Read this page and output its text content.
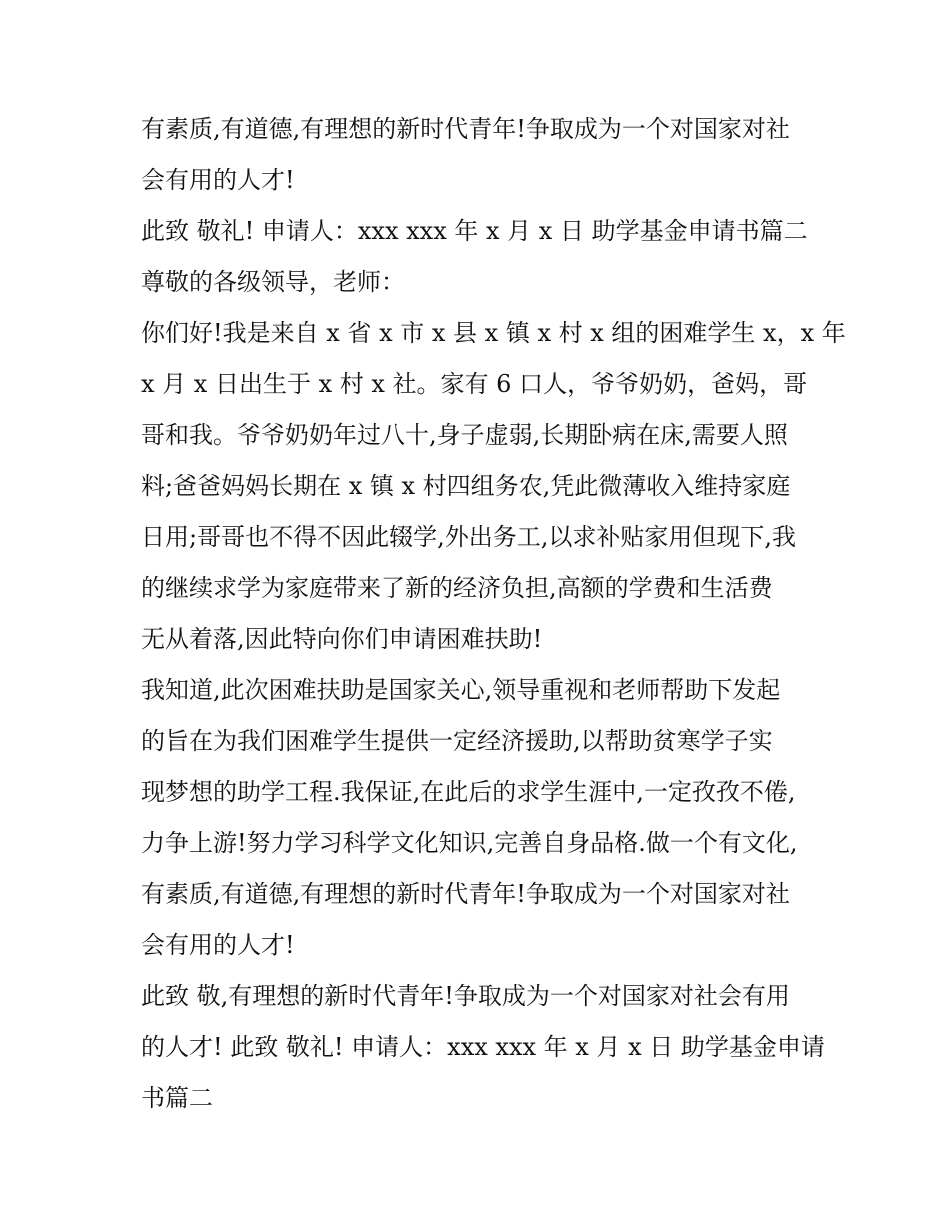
有素质,有道德,有理想的新时代青年!争取成为一个对国家对社
会有用的人才!
此致 敬礼! 申请人：xxx xxx 年 x 月 x 日 助学基金申请书篇二
尊敬的各级领导，老师：
你们好!我是来自 x 省 x 市 x 县 x 镇 x 村 x 组的困难学生 x，x 年
x 月 x 日出生于 x 村 x 社。家有 6 口人，爷爷奶奶，爸妈，哥
哥和我。爷爷奶奶年过八十,身子虚弱,长期卧病在床,需要人照
料;爸爸妈妈长期在 x 镇 x 村四组务农,凭此微薄收入维持家庭
日用;哥哥也不得不因此辍学,外出务工,以求补贴家用但现下,我
的继续求学为家庭带来了新的经济负担,高额的学费和生活费
无从着落,因此特向你们申请困难扶助!
我知道,此次困难扶助是国家关心,领导重视和老师帮助下发起
的旨在为我们困难学生提供一定经济援助,以帮助贫寒学子实
现梦想的助学工程.我保证,在此后的求学生涯中,一定孜孜不倦,
力争上游!努力学习科学文化知识,完善自身品格.做一个有文化,
有素质,有道德,有理想的新时代青年!争取成为一个对国家对社
会有用的人才!
此致 敬,有理想的新时代青年!争取成为一个对国家对社会有用
的人才! 此致 敬礼! 申请人：xxx xxx 年 x 月 x 日 助学基金申请
书篇二
